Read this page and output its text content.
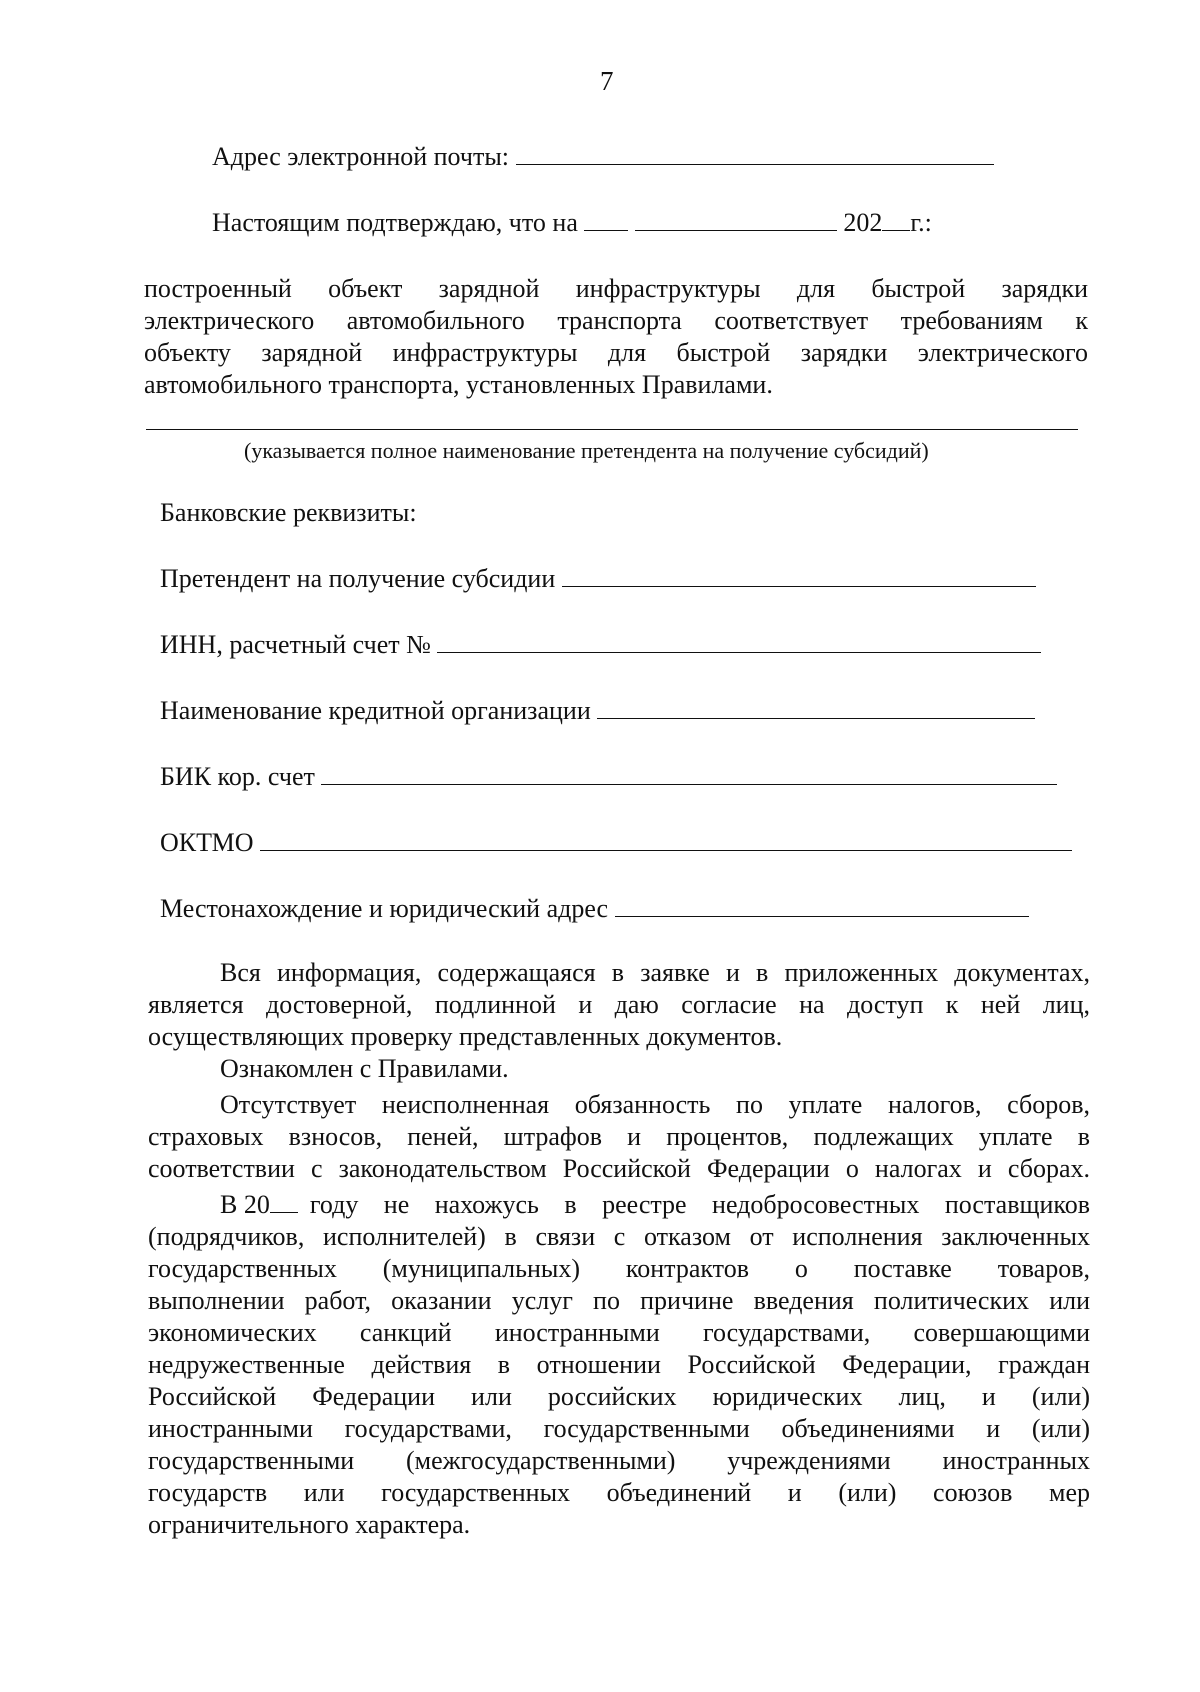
7
Адрес электронной почты:
Настоящим подтверждаю, что на	202 г.:
построенный объект зарядной инфраструктуры для быстрой зарядки
электрического автомобильного транспорта соответствует требованиям к
объекту зарядной инфраструктуры для быстрой зарядки электрического
автомобильного транспорта, установленных Правилами.
(указывается полное наименование претендента на получение субсидий)
Банковские реквизиты:
Претендент на получение субсидии
ИНН, расчетный счет №
Наименование кредитной организации
БИК кор. счет
ОКТМО
Местонахождение и юридический адрес
Вся информация, содержащаяся в заявке и в приложенных документах,
является достоверной, подлинной и даю согласие на доступ к ней лиц,
осуществляющих проверку представленных документов.
Ознакомлен с Правилами.
Отсутствует неисполненная обязанность по уплате налогов, сборов,
страховых взносов, пеней, штрафов и процентов, подлежащих уплате в
соответствии с законодательством Российской Федерации о налогах и сборах.
В 20	году не нахожусь в реестре недобросовестных поставщиков
(подрядчиков, исполнителей) в связи с отказом от исполнения заключенных
государственных (муниципальных) контрактов о поставке товаров,
выполнении работ, оказании услуг по причине введения политических или
экономических санкций иностранными государствами, совершающими
недружественные действия в отношении Российской Федерации, граждан
Российской Федерации или российских юридических лиц, и (или)
иностранными государствами, государственными объединениями и (или)
государственными (межгосударственными) учреждениями иностранных
государств или государственных объединений и (или) союзов мер
ограничительного характера.
